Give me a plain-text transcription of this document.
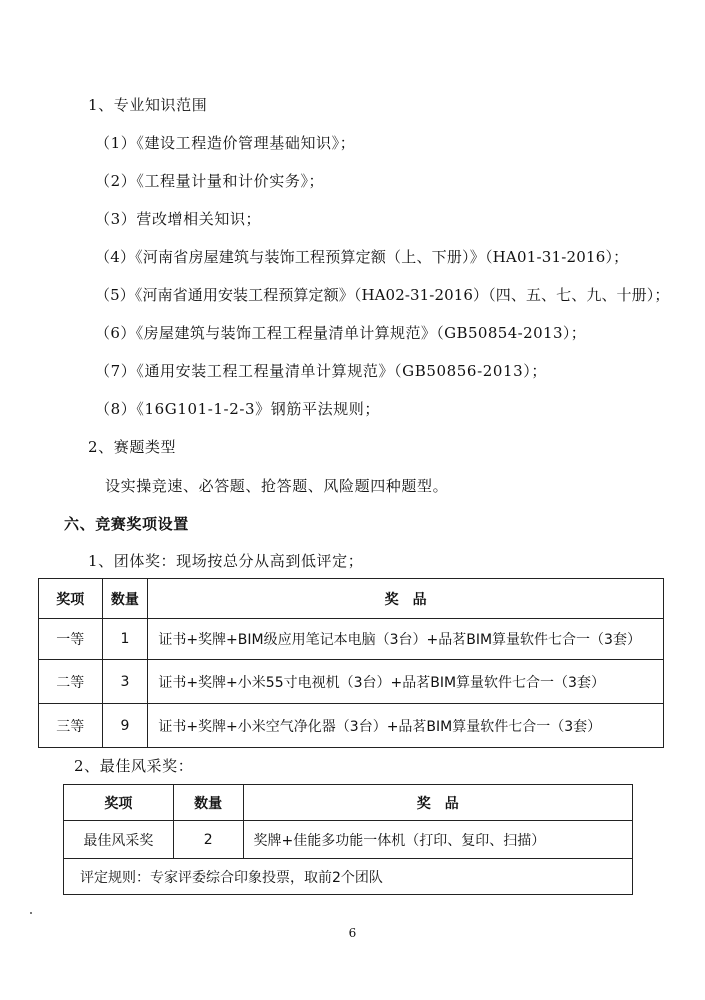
1、专业知识范围
（1）《建设工程造价管理基础知识》；
（2）《工程量计量和计价实务》；
（3）营改增相关知识；
（4）《河南省房屋建筑与装饰工程预算定额（上、下册）》（HA01-31-2016）；
（5）《河南省通用安装工程预算定额》（HA02-31-2016）（四、五、七、九、十册）；
（6）《房屋建筑与装饰工程工程量清单计算规范》（GB50854-2013）；
（7）《通用安装工程工程量清单计算规范》（GB50856-2013）；
（8）《16G101-1-2-3》钢筋平法规则；
2、赛题类型
设实操竞速、必答题、抢答题、风险题四种题型。
六、竞赛奖项设置
1、团体奖：现场按总分从高到低评定；
奖项	数量	奖　品
一等	1	证书+奖牌+BIM级应用笔记本电脑（3台）+品茗BIM算量软件七合一（3套）
二等	3	证书+奖牌+小米55寸电视机（3台）+品茗BIM算量软件七合一（3套）
三等	9	证书+奖牌+小米空气净化器（3台）+品茗BIM算量软件七合一（3套）
2、最佳风采奖：
奖项	数量	奖　品
最佳风采奖	2	奖牌+佳能多功能一体机（打印、复印、扫描）
评定规则：专家评委综合印象投票，取前2个团队		
6
